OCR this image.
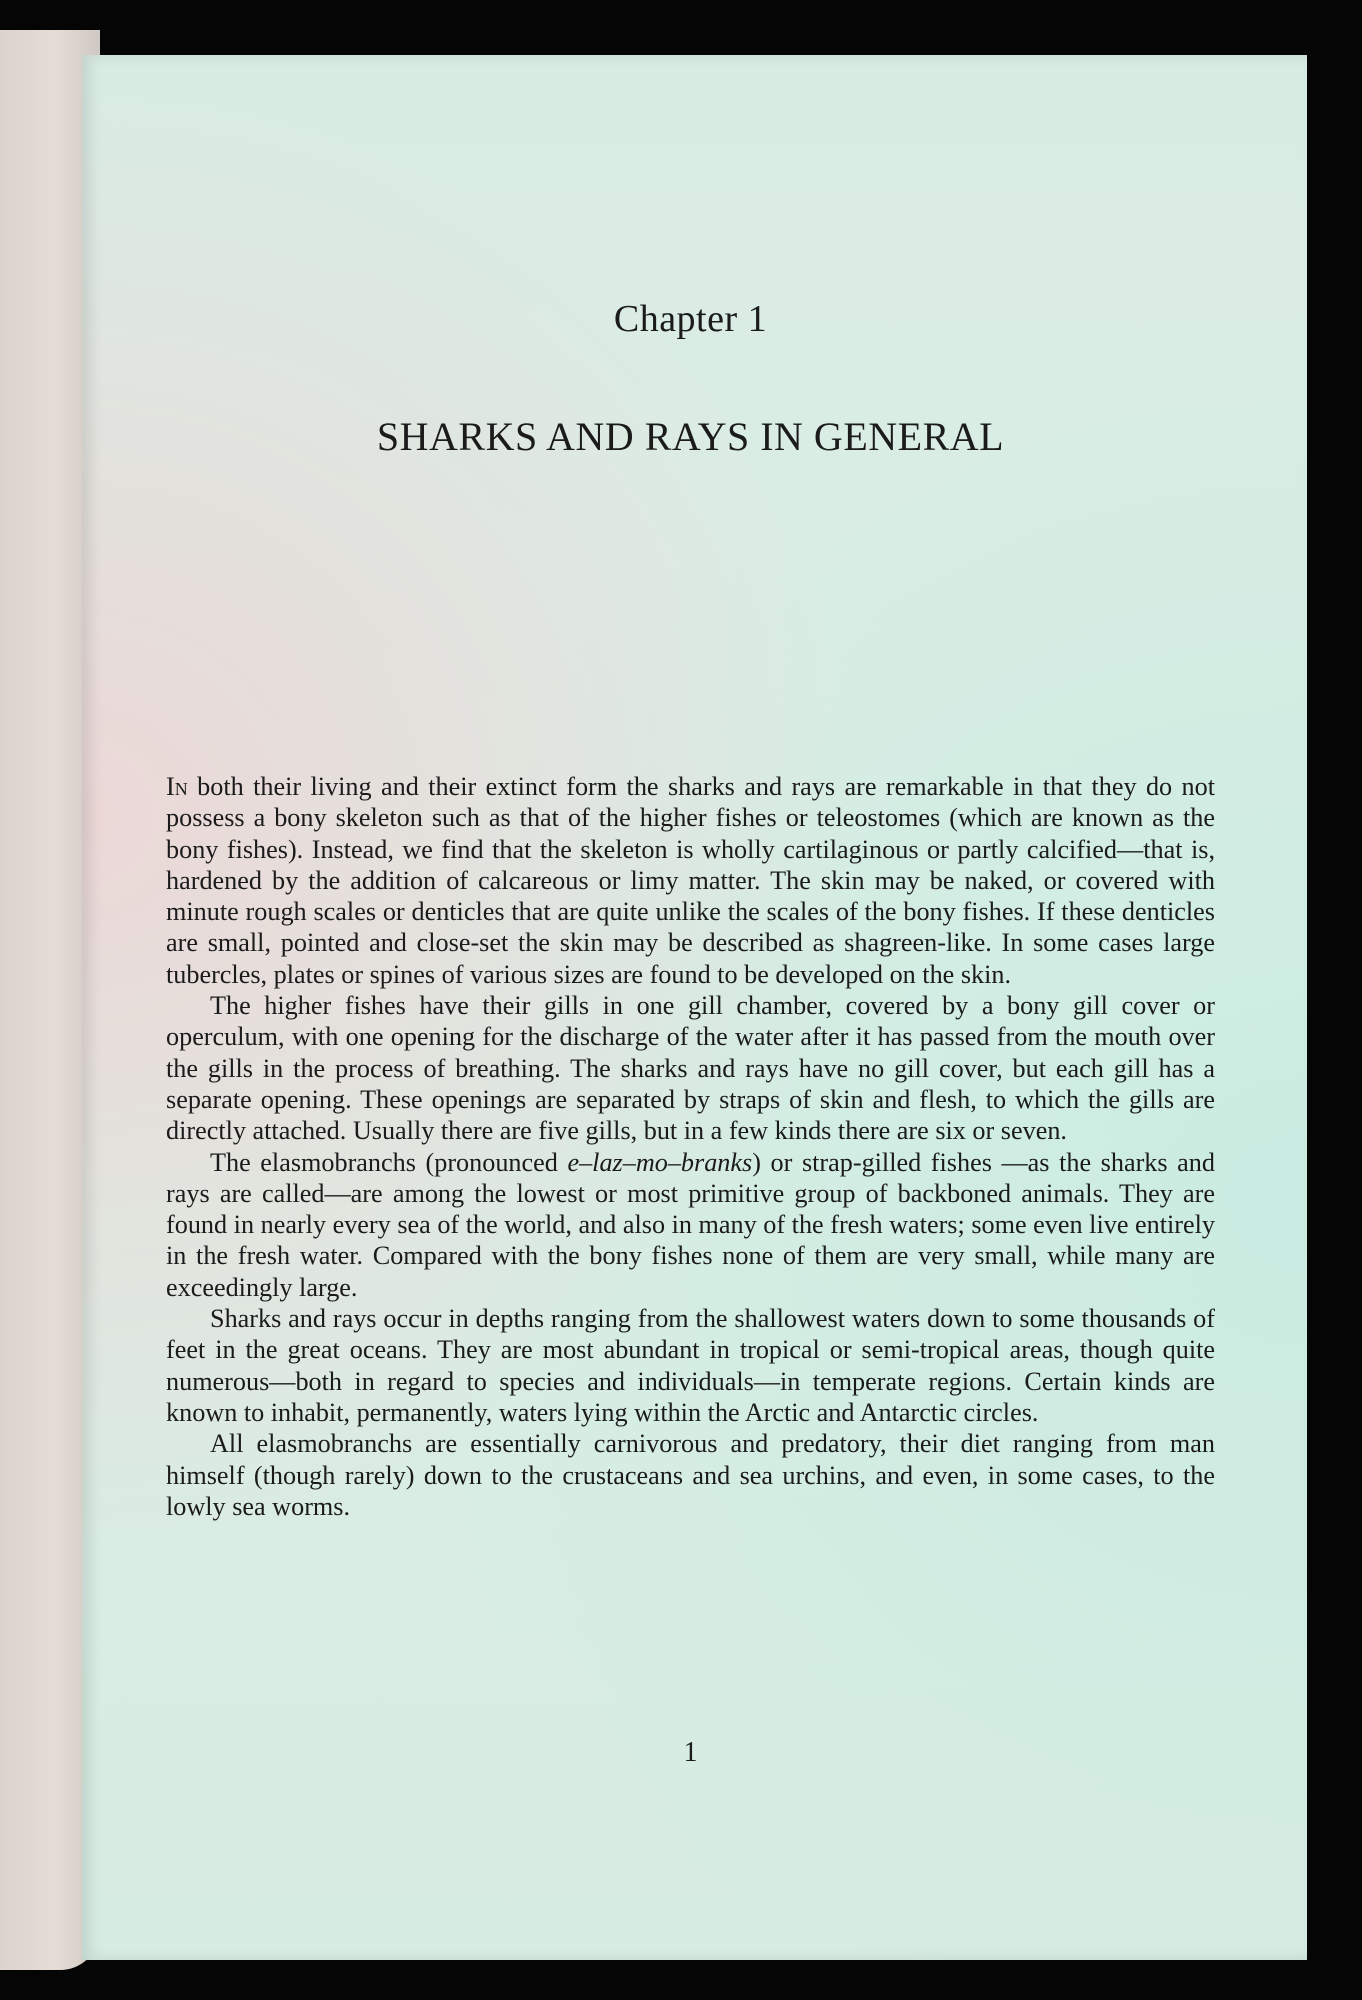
Chapter 1
SHARKS AND RAYS IN GENERAL

In both their living and their extinct form the sharks and rays are remarkable in that they do not possess a bony skeleton such as that of the higher fishes or teleostomes (which are known as the bony fishes). Instead, we find that the skeleton is wholly cartilaginous or partly calcified—that is, hardened by the addition of calcareous or limy matter. The skin may be naked, or covered with minute rough scales or denticles that are quite unlike the scales of the bony fishes. If these denticles are small, pointed and close-set the skin may be described as shagreen-like. In some cases large tubercles, plates or spines of various sizes are found to be developed on the skin.

The higher fishes have their gills in one gill chamber, covered by a bony gill cover or operculum, with one opening for the discharge of the water after it has passed from the mouth over the gills in the process of breathing. The sharks and rays have no gill cover, but each gill has a separate opening. These openings are separated by straps of skin and flesh, to which the gills are directly attached. Usually there are five gills, but in a few kinds there are six or seven.

The elasmobranchs (pronounced e–laz–mo–branks) or strap-gilled fishes —as the sharks and rays are called—are among the lowest or most primitive group of backboned animals. They are found in nearly every sea of the world, and also in many of the fresh waters; some even live entirely in the fresh water. Compared with the bony fishes none of them are very small, while many are exceedingly large.

Sharks and rays occur in depths ranging from the shallowest waters down to some thousands of feet in the great oceans. They are most abundant in tropical or semi-tropical areas, though quite numerous—both in regard to species and individuals—in temperate regions. Certain kinds are known to inhabit, permanently, waters lying within the Arctic and Antarctic circles.

All elasmobranchs are essentially carnivorous and predatory, their diet ranging from man himself (though rarely) down to the crustaceans and sea urchins, and even, in some cases, to the lowly sea worms.

1
